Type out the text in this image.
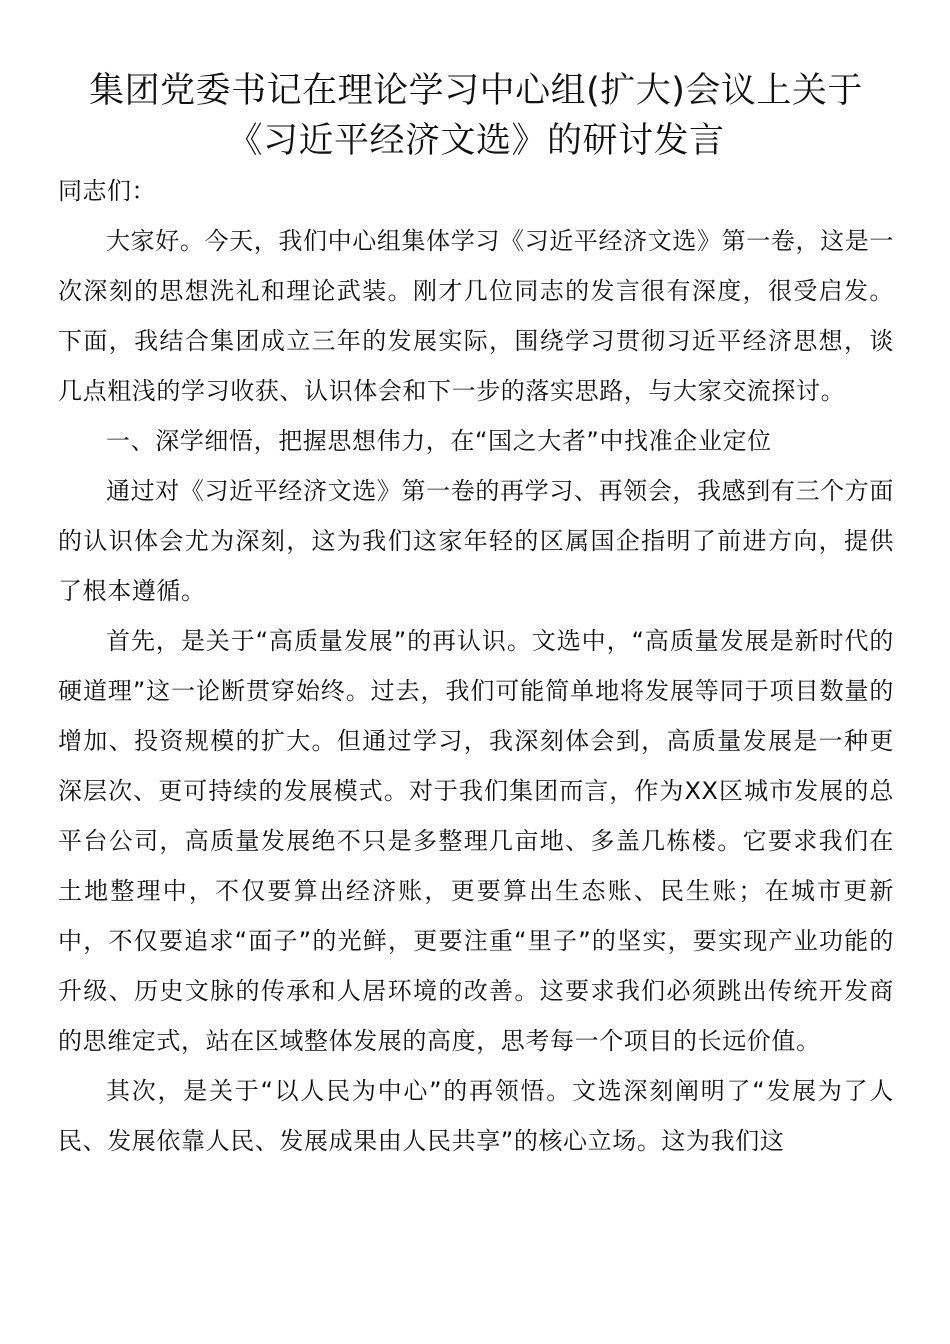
集团党委书记在理论学习中心组(扩大)会议上关于《习近平经济文选》的研讨发言

同志们：

大家好。今天，我们中心组集体学习《习近平经济文选》第一卷，这是一次深刻的思想洗礼和理论武装。刚才几位同志的发言很有深度，很受启发。下面，我结合集团成立三年的发展实际，围绕学习贯彻习近平经济思想，谈几点粗浅的学习收获、认识体会和下一步的落实思路，与大家交流探讨。

一、深学细悟，把握思想伟力，在“国之大者”中找准企业定位

通过对《习近平经济文选》第一卷的再学习、再领会，我感到有三个方面的认识体会尤为深刻，这为我们这家年轻的区属国企指明了前进方向，提供了根本遵循。

首先，是关于“高质量发展”的再认识。文选中，“高质量发展是新时代的硬道理”这一论断贯穿始终。过去，我们可能简单地将发展等同于项目数量的增加、投资规模的扩大。但通过学习，我深刻体会到，高质量发展是一种更深层次、更可持续的发展模式。对于我们集团而言，作为XX区城市发展的总平台公司，高质量发展绝不只是多整理几亩地、多盖几栋楼。它要求我们在土地整理中，不仅要算出经济账，更要算出生态账、民生账；在城市更新中，不仅要追求“面子”的光鲜，更要注重“里子”的坚实，要实现产业功能的升级、历史文脉的传承和人居环境的改善。这要求我们必须跳出传统开发商的思维定式，站在区域整体发展的高度，思考每一个项目的长远价值。

其次，是关于“以人民为中心”的再领悟。文选深刻阐明了“发展为了人民、发展依靠人民、发展成果由人民共享”的核心立场。这为我们这
